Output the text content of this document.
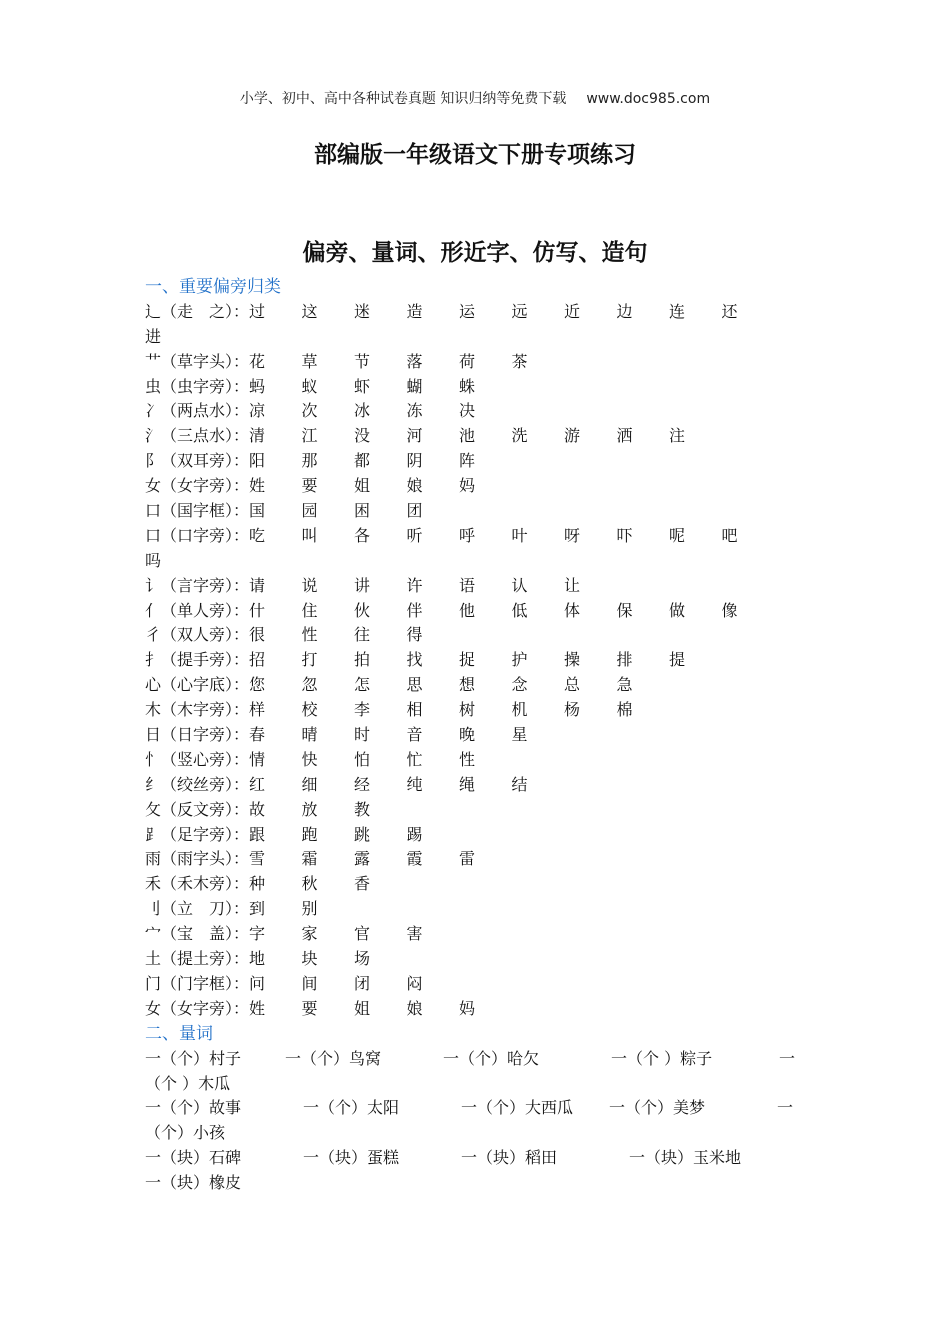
小学、初中、高中各种试卷真题 知识归纳等免费下载 www.doc985.com
部编版一年级语文下册专项练习
偏旁、量词、形近字、仿写、造句
一、重要偏旁归类
辶（走　之）：过 这 迷 造 运 远 近 边 连 还
进
艹（草字头）：花 草 节 落 荷 茶
虫（虫字旁）：蚂 蚁 虾 蝴 蛛
冫（两点水）：凉 次 冰 冻 决
氵（三点水）：清 江 没 河 池 洗 游 洒 注
阝（双耳旁）：阳 那 都 阴 阵
女（女字旁）：姓 要 姐 娘 妈
口（国字框）：国 园 困 团
口（口字旁）：吃 叫 各 听 呼 叶 呀 吓 呢 吧
吗
讠（言字旁）：请 说 讲 许 语 认 让
亻（单人旁）：什 住 伙 伴 他 低 体 保 做 像
彳（双人旁）：很 性 往 得
扌（提手旁）：招 打 拍 找 捉 护 操 排 提
心（心字底）：您 忽 怎 思 想 念 总 急
木（木字旁）：样 校 李 相 树 机 杨 棉
日（日字旁）：春 晴 时 音 晚 星
忄（竖心旁）：情 快 怕 忙 性
纟（绞丝旁）：红 细 经 纯 绳 结
攵（反文旁）：故 放 教
⻊（足字旁）：跟 跑 跳 踢
雨（雨字头）：雪 霜 露 霞 雷
禾（禾木旁）：种 秋 香
刂（立　刀）：到 别
宀（宝　盖）：字 家 官 害
土（提土旁）：地 块 场
门（门字框）：问 间 闭 闷
女（女字旁）：姓 要 姐 娘 妈
二、量词
一（个）村子	一（个）鸟窝	一（个）哈欠	一（个 ）粽子	一
（个 ）木瓜
一（个）故事	一（个）太阳	一（个）大西瓜 一（个）美梦	一
（个）小孩
一（块）石碑	一（块）蛋糕	一（块）稻田	一（块）玉米地
一（块）橡皮
